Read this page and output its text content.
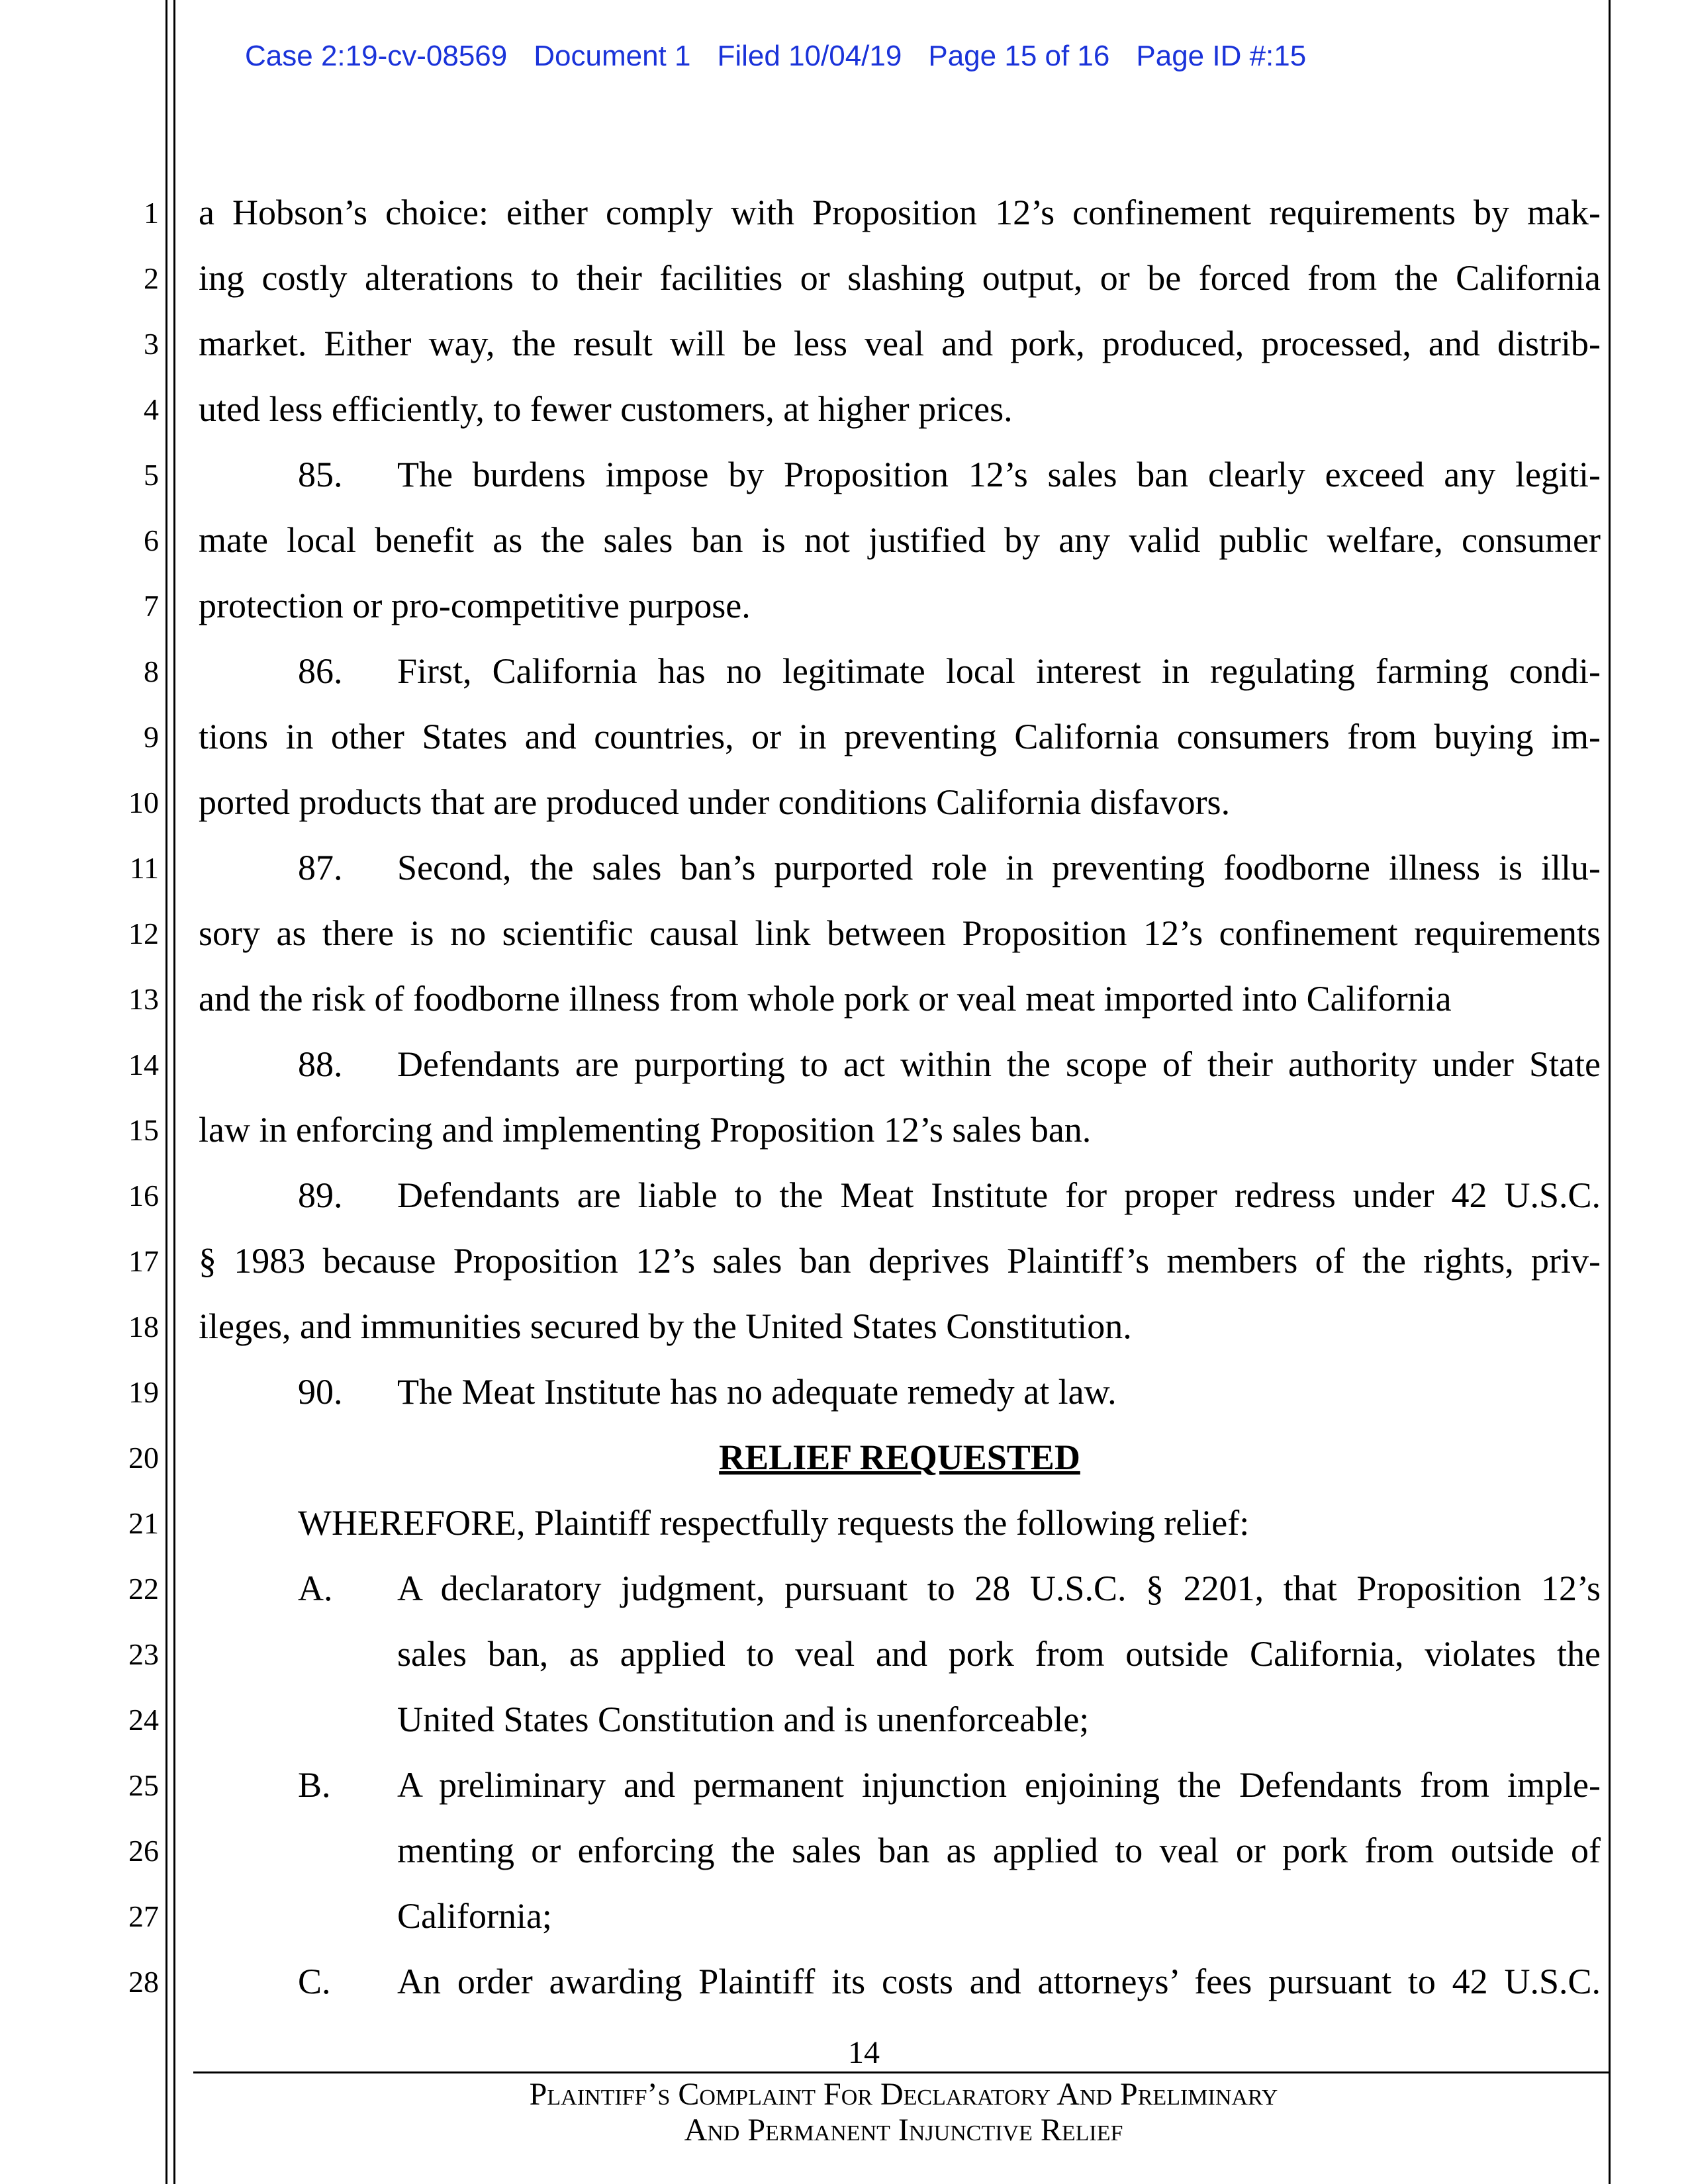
Case 2:19-cv-08569 Document 1 Filed 10/04/19 Page 15 of 16 Page ID #:15
1
2
3
4
5
6
7
8
9
10
11
12
13
14
15
16
17
18
19
20
21
22
23
24
25
26
27
28
a Hobson’s choice: either comply with Proposition 12’s confinement requirements by mak-
ing costly alterations to their facilities or slashing output, or be forced from the California
market. Either way, the result will be less veal and pork, produced, processed, and distrib-
uted less efficiently, to fewer customers, at higher prices.
85. The burdens impose by Proposition 12’s sales ban clearly exceed any legiti-
mate local benefit as the sales ban is not justified by any valid public welfare, consumer
protection or pro-competitive purpose.
86. First, California has no legitimate local interest in regulating farming condi-
tions in other States and countries, or in preventing California consumers from buying im-
ported products that are produced under conditions California disfavors.
87. Second, the sales ban’s purported role in preventing foodborne illness is illu-
sory as there is no scientific causal link between Proposition 12’s confinement requirements
and the risk of foodborne illness from whole pork or veal meat imported into California
88. Defendants are purporting to act within the scope of their authority under State
law in enforcing and implementing Proposition 12’s sales ban.
89. Defendants are liable to the Meat Institute for proper redress under 42 U.S.C.
§ 1983 because Proposition 12’s sales ban deprives Plaintiff’s members of the rights, priv-
ileges, and immunities secured by the United States Constitution.
90. The Meat Institute has no adequate remedy at law.
RELIEF REQUESTED
WHEREFORE, Plaintiff respectfully requests the following relief:
A. A declaratory judgment, pursuant to 28 U.S.C. § 2201, that Proposition 12’s
sales ban, as applied to veal and pork from outside California, violates the
United States Constitution and is unenforceable;
B. A preliminary and permanent injunction enjoining the Defendants from imple-
menting or enforcing the sales ban as applied to veal or pork from outside of
California;
C. An order awarding Plaintiff its costs and attorneys’ fees pursuant to 42 U.S.C.
14
Plaintiff’s Complaint For Declaratory And Preliminary
And Permanent Injunctive Relief
